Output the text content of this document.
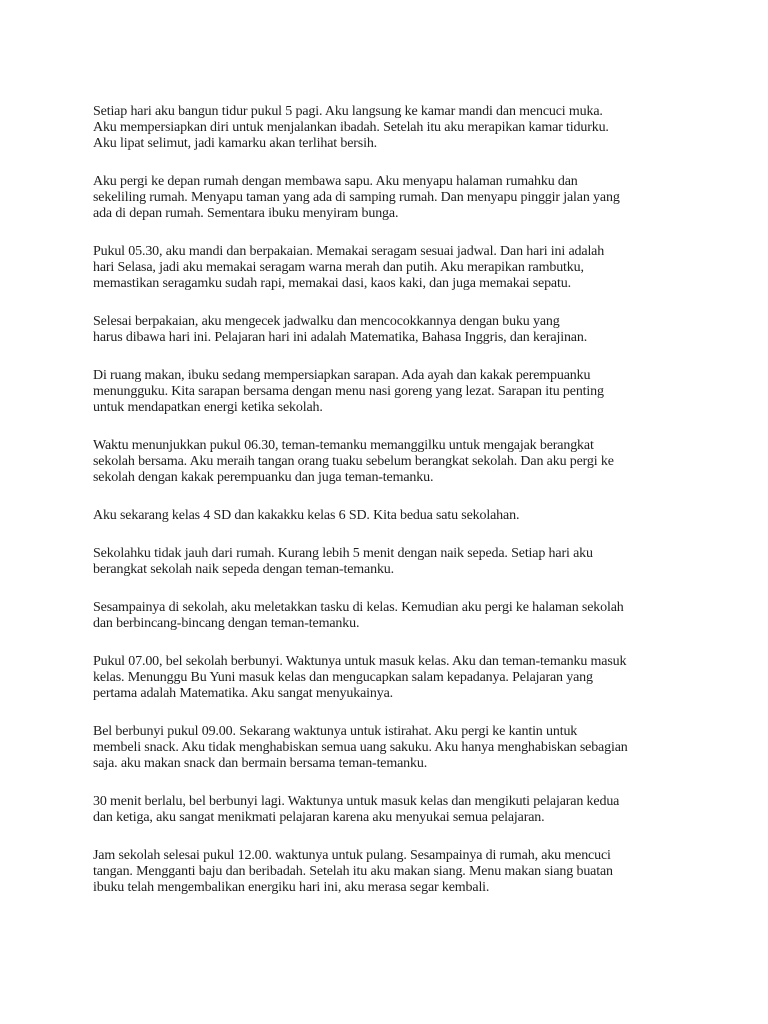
Setiap hari aku bangun tidur pukul 5 pagi. Aku langsung ke kamar mandi dan mencuci muka.
Aku mempersiapkan diri untuk menjalankan ibadah. Setelah itu aku merapikan kamar tidurku.
Aku lipat selimut, jadi kamarku akan terlihat bersih.

Aku pergi ke depan rumah dengan membawa sapu. Aku menyapu halaman rumahku dan
sekeliling rumah. Menyapu taman yang ada di samping rumah. Dan menyapu pinggir jalan yang
ada di depan rumah. Sementara ibuku menyiram bunga.

Pukul 05.30, aku mandi dan berpakaian. Memakai seragam sesuai jadwal. Dan hari ini adalah
hari Selasa, jadi aku memakai seragam warna merah dan putih. Aku merapikan rambutku,
memastikan seragamku sudah rapi, memakai dasi, kaos kaki, dan juga memakai sepatu.

Selesai berpakaian, aku mengecek jadwalku dan mencocokkannya dengan buku yang
harus dibawa hari ini. Pelajaran hari ini adalah Matematika, Bahasa Inggris, dan kerajinan.

Di ruang makan, ibuku sedang mempersiapkan sarapan. Ada ayah dan kakak perempuanku
menungguku. Kita sarapan bersama dengan menu nasi goreng yang lezat. Sarapan itu penting
untuk mendapatkan energi ketika sekolah.

Waktu menunjukkan pukul 06.30, teman-temanku memanggilku untuk mengajak berangkat
sekolah bersama. Aku meraih tangan orang tuaku sebelum berangkat sekolah. Dan aku pergi ke
sekolah dengan kakak perempuanku dan juga teman-temanku.

Aku sekarang kelas 4 SD dan kakakku kelas 6 SD. Kita bedua satu sekolahan.

Sekolahku tidak jauh dari rumah. Kurang lebih 5 menit dengan naik sepeda. Setiap hari aku
berangkat sekolah naik sepeda dengan teman-temanku.

Sesampainya di sekolah, aku meletakkan tasku di kelas. Kemudian aku pergi ke halaman sekolah
dan berbincang-bincang dengan teman-temanku.

Pukul 07.00, bel sekolah berbunyi. Waktunya untuk masuk kelas. Aku dan teman-temanku masuk
kelas. Menunggu Bu Yuni masuk kelas dan mengucapkan salam kepadanya. Pelajaran yang
pertama adalah Matematika. Aku sangat menyukainya.

Bel berbunyi pukul 09.00. Sekarang waktunya untuk istirahat. Aku pergi ke kantin untuk
membeli snack. Aku tidak menghabiskan semua uang sakuku. Aku hanya menghabiskan sebagian
saja. aku makan snack dan bermain bersama teman-temanku.

30 menit berlalu, bel berbunyi lagi. Waktunya untuk masuk kelas dan mengikuti pelajaran kedua
dan ketiga, aku sangat menikmati pelajaran karena aku menyukai semua pelajaran.

Jam sekolah selesai pukul 12.00. waktunya untuk pulang. Sesampainya di rumah, aku mencuci
tangan. Mengganti baju dan beribadah. Setelah itu aku makan siang. Menu makan siang buatan
ibuku telah mengembalikan energiku hari ini, aku merasa segar kembali.
